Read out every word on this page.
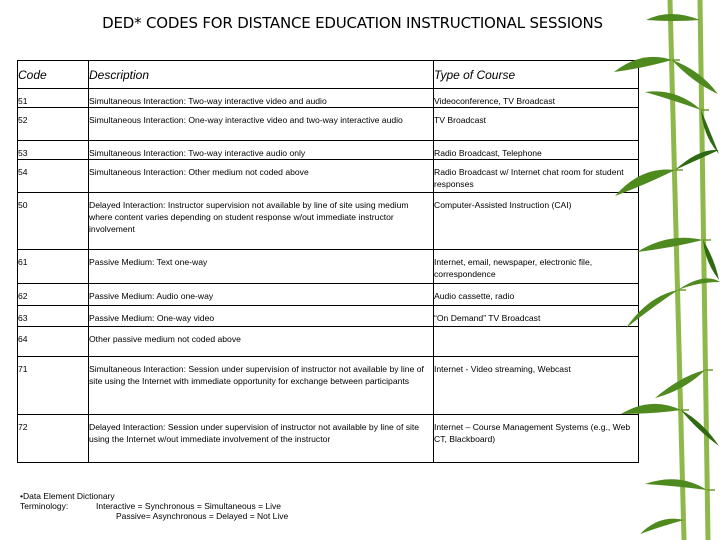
DED* CODES FOR DISTANCE EDUCATION INSTRUCTIONAL SESSIONS
Code	Description	Type of Course
51	Simultaneous Interaction: Two-way interactive video and audio	Videoconference, TV Broadcast
52	Simultaneous Interaction: One-way interactive video and two-way interactive audio	TV Broadcast
53	Simultaneous Interaction: Two-way interactive audio only	Radio Broadcast, Telephone
54	Simultaneous Interaction: Other medium not coded above	Radio Broadcast w/ Internet chat room for student responses
50	Delayed Interaction: Instructor supervision not available by line of site using medium where content varies depending on student response w/out immediate instructor involvement	Computer-Assisted Instruction (CAI)
61	Passive Medium: Text one-way	Internet, email, newspaper, electronic file, correspondence
62	Passive Medium: Audio one-way	Audio cassette, radio
63	Passive Medium: One-way video	“On Demand” TV Broadcast
64	Other passive medium not coded above	
71	Simultaneous Interaction: Session under supervision of instructor not available by line of site using the Internet with immediate opportunity for exchange between participants	Internet - Video streaming, Webcast
72	Delayed Interaction: Session under supervision of instructor not available by line of site using the Internet w/out immediate involvement of the instructor	Internet – Course Management Systems (e.g., Web CT, Blackboard)
•Data Element Dictionary
Terminology:	Interactive = Synchronous = Simultaneous = Live
Passive= Asynchronous = Delayed = Not Live
